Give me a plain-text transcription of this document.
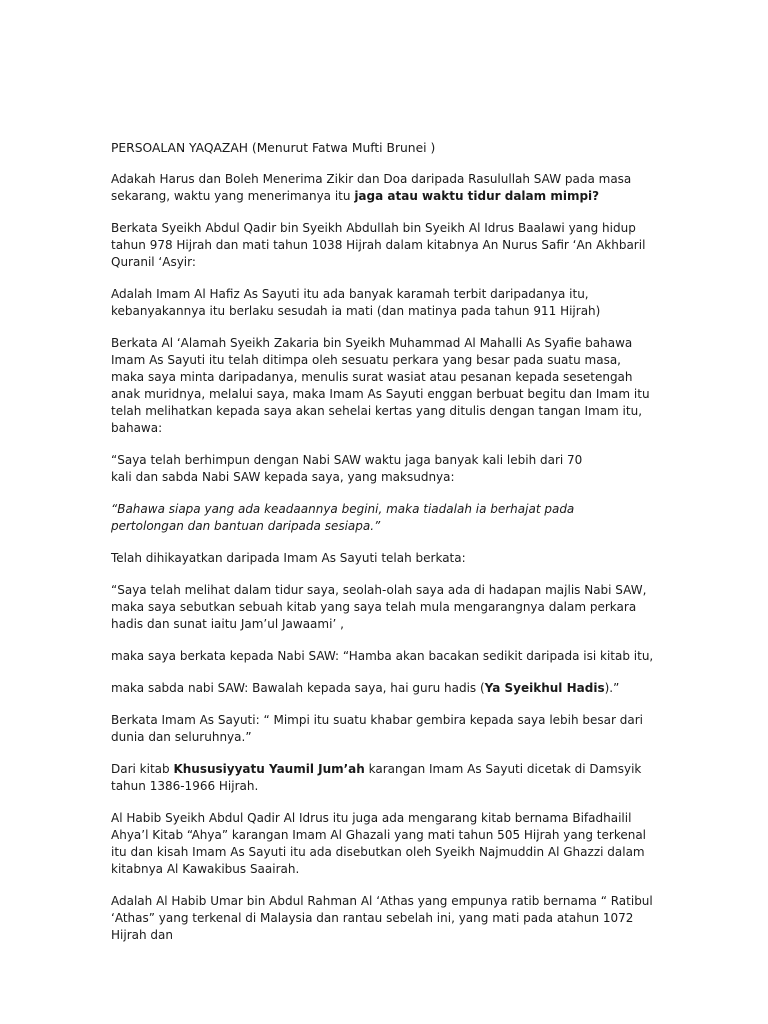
PERSOALAN YAQAZAH (Menurut Fatwa Mufti Brunei )

Adakah Harus dan Boleh Menerima Zikir dan Doa daripada Rasulullah SAW pada masa sekarang, waktu yang menerimanya itu jaga atau waktu tidur dalam mimpi?

Berkata Syeikh Abdul Qadir bin Syeikh Abdullah bin Syeikh Al Idrus Baalawi yang hidup tahun 978 Hijrah dan mati tahun 1038 Hijrah dalam kitabnya An Nurus Safir ‘An Akhbaril Quranil ‘Asyir:

Adalah Imam Al Hafiz As Sayuti itu ada banyak karamah terbit daripadanya itu, kebanyakannya itu berlaku sesudah ia mati (dan matinya pada tahun 911 Hijrah)

Berkata Al ‘Alamah Syeikh Zakaria bin Syeikh Muhammad Al Mahalli As Syafie bahawa Imam As Sayuti itu telah ditimpa oleh sesuatu perkara yang besar pada suatu masa, maka saya minta daripadanya, menulis surat wasiat atau pesanan kepada sesetengah anak muridnya, melalui saya, maka Imam As Sayuti enggan berbuat begitu dan Imam itu telah melihatkan kepada saya akan sehelai kertas yang ditulis dengan tangan Imam itu, bahawa:

“Saya telah berhimpun dengan Nabi SAW waktu jaga banyak kali lebih dari 70 kali dan sabda Nabi SAW kepada saya, yang maksudnya:

“Bahawa siapa yang ada keadaannya begini, maka tiadalah ia berhajat pada pertolongan dan bantuan daripada sesiapa.”

Telah dihikayatkan daripada Imam As Sayuti telah berkata:

“Saya telah melihat dalam tidur saya, seolah-olah saya ada di hadapan majlis Nabi SAW, maka saya sebutkan sebuah kitab yang saya telah mula mengarangnya dalam perkara hadis dan sunat iaitu Jam’ul Jawaami’ ,

maka saya berkata kepada Nabi SAW: “Hamba akan bacakan sedikit daripada isi kitab itu,

maka sabda nabi SAW: Bawalah kepada saya, hai guru hadis (Ya Syeikhul Hadis).”

Berkata Imam As Sayuti: “ Mimpi itu suatu khabar gembira kepada saya lebih besar dari dunia dan seluruhnya.”

Dari kitab Khususiyyatu Yaumil Jum’ah karangan Imam As Sayuti dicetak di Damsyik tahun 1386-1966 Hijrah.

Al Habib Syeikh Abdul Qadir Al Idrus itu juga ada mengarang kitab bernama Bifadhailil Ahya’l Kitab “Ahya” karangan Imam Al Ghazali yang mati tahun 505 Hijrah yang terkenal itu dan kisah Imam As Sayuti itu ada disebutkan oleh Syeikh Najmuddin Al Ghazzi dalam kitabnya Al Kawakibus Saairah.

Adalah Al Habib Umar bin Abdul Rahman Al ‘Athas yang empunya ratib bernama “ Ratibul ‘Athas” yang terkenal di Malaysia dan rantau sebelah ini, yang mati pada atahun 1072 Hijrah dan
